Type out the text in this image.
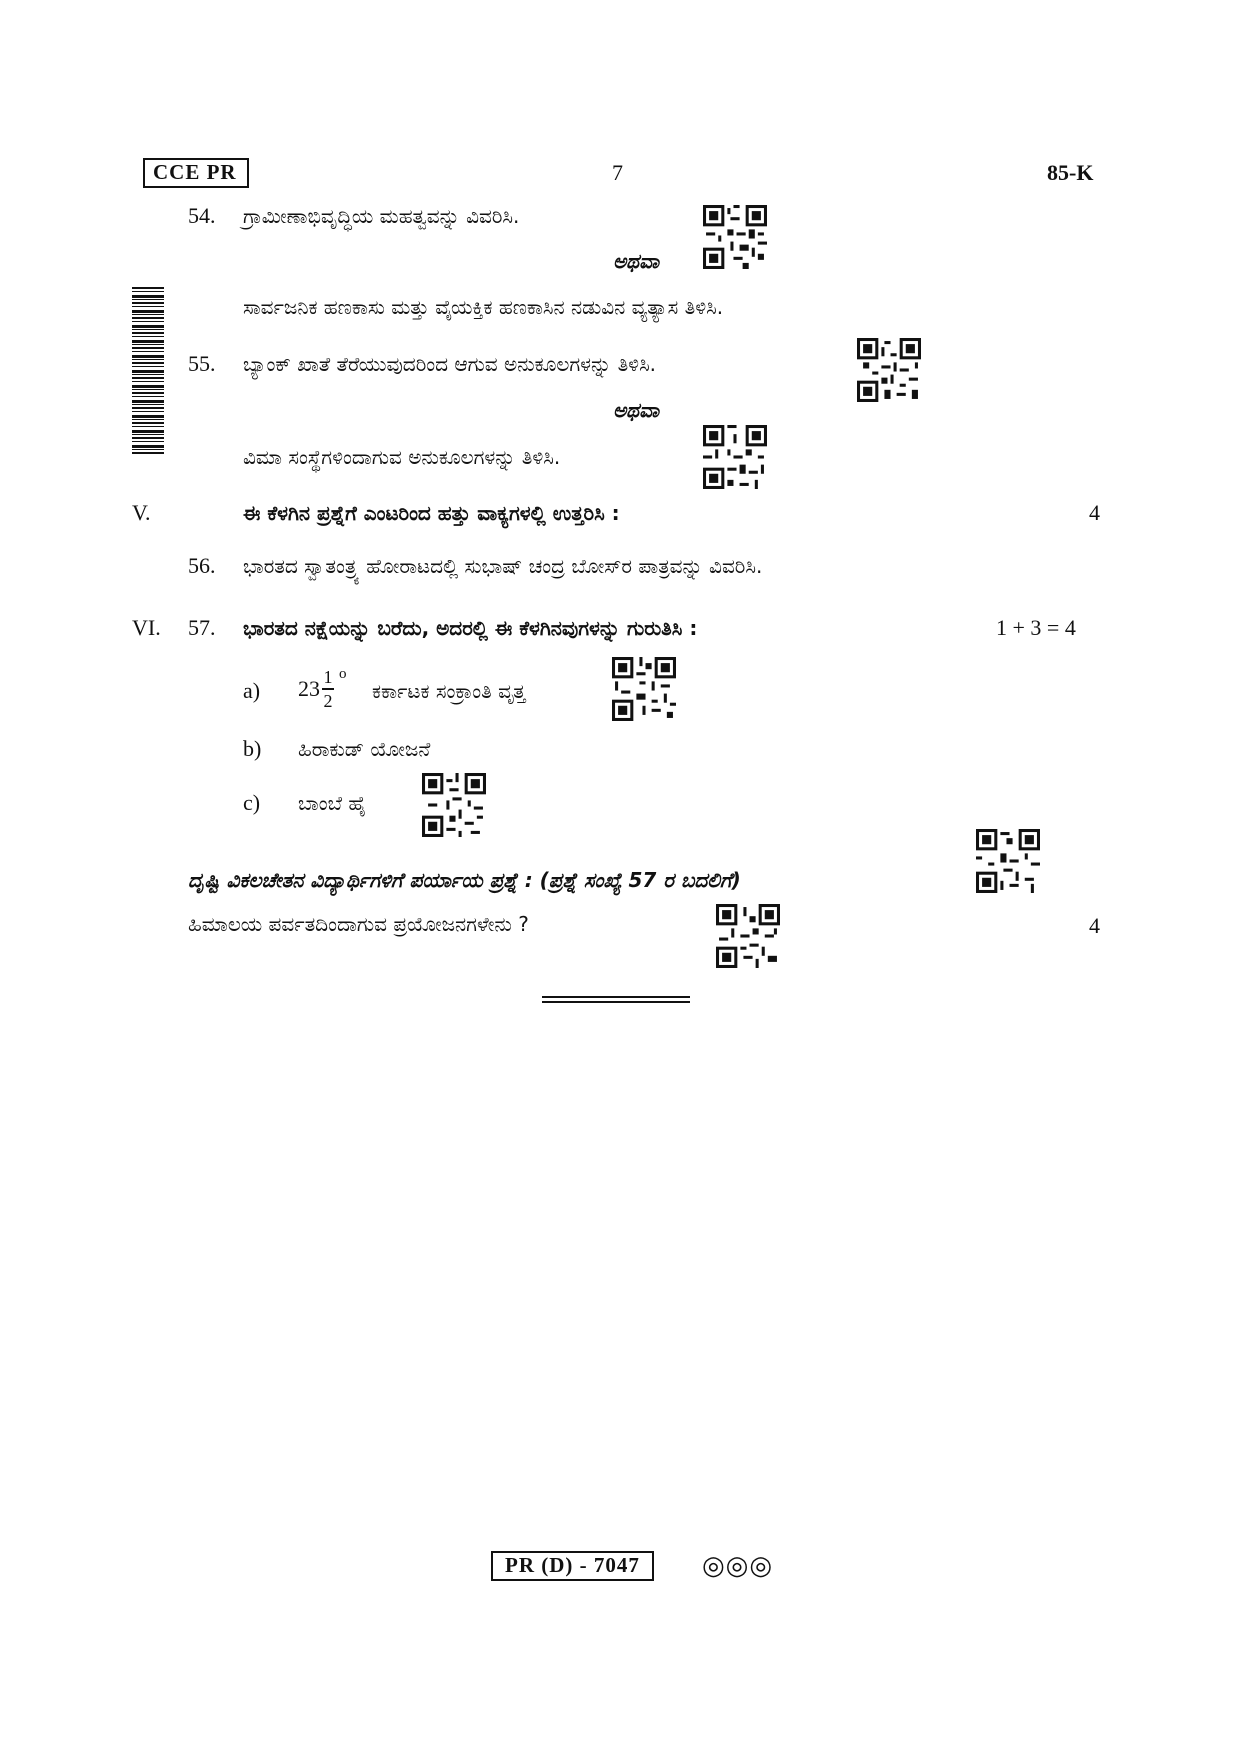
CCE PR	7	85-K
54. ಗ್ರಾಮೀಣಾಭಿವೃದ್ಧಿಯ ಮಹತ್ವವನ್ನು ವಿವರಿಸಿ.
ಅಥವಾ
ಸಾರ್ವಜನಿಕ ಹಣಕಾಸು ಮತ್ತು ವೈಯಕ್ತಿಕ ಹಣಕಾಸಿನ ನಡುವಿನ ವ್ಯತ್ಯಾಸ ತಿಳಿಸಿ.
55. ಬ್ಯಾಂಕ್ ಖಾತೆ ತೆರೆಯುವುದರಿಂದ ಆಗುವ ಅನುಕೂಲಗಳನ್ನು ತಿಳಿಸಿ.
ಅಥವಾ
ವಿಮಾ ಸಂಸ್ಥೆಗಳಿಂದಾಗುವ ಅನುಕೂಲಗಳನ್ನು ತಿಳಿಸಿ.
V.	ಈ ಕೆಳಗಿನ ಪ್ರಶ್ನೆಗೆ ಎಂಟರಿಂದ ಹತ್ತು ವಾಕ್ಯಗಳಲ್ಲಿ ಉತ್ತರಿಸಿ :	4
56. ಭಾರತದ ಸ್ವಾತಂತ್ರ್ಯ ಹೋರಾಟದಲ್ಲಿ ಸುಭಾಷ್ ಚಂದ್ರ ಬೋಸ್‌ರ ಪಾತ್ರವನ್ನು ವಿವರಿಸಿ.
VI. 57. ಭಾರತದ ನಕ್ಷೆಯನ್ನು ಬರೆದು, ಅದರಲ್ಲಿ ಈ ಕೆಳಗಿನವುಗಳನ್ನು ಗುರುತಿಸಿ :	1 + 3 = 4
a) $23 \frac{1}{2}$ o
ಕರ್ಕಾಟಕ ಸಂಕ್ರಾಂತಿ ವೃತ್ತ
b) ಹಿರಾಕುಡ್ ಯೋಜನೆ
c) ಬಾಂಬೆ ಹೈ
ದೃಷ್ಟಿ ವಿಕಲಚೇತನ ವಿದ್ಯಾರ್ಥಿಗಳಿಗೆ ಪರ್ಯಾಯ ಪ್ರಶ್ನೆ : (ಪ್ರಶ್ನೆ ಸಂಖ್ಯೆ 57 ರ ಬದಲಿಗೆ)
ಹಿಮಾಲಯ ಪರ್ವತದಿಂದಾಗುವ ಪ್ರಯೋಜನಗಳೇನು ?	4
PR (D) - 7047	◎◎◎
